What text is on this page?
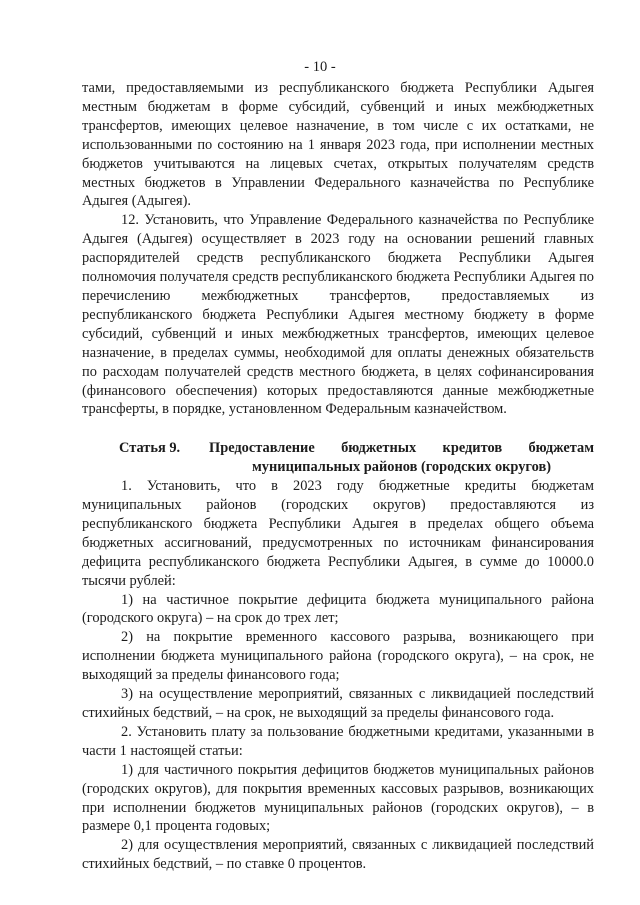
- 10 -

тами, предоставляемыми из республиканского бюджета Республики Адыгея местным бюджетам в форме субсидий, субвенций и иных межбюджетных трансфертов, имеющих целевое назначение, в том числе с их остатками, не использованными по состоянию на 1 января 2023 года, при исполнении местных бюджетов учитываются на лицевых счетах, открытых получателям средств местных бюджетов в Управлении Федерального казначейства по Республике Адыгея (Адыгея).

12. Установить, что Управление Федерального казначейства по Республике Адыгея (Адыгея) осуществляет в 2023 году на основании решений главных распорядителей средств республиканского бюджета Республики Адыгея полномочия получателя средств республиканского бюджета Республики Адыгея по перечислению межбюджетных трансфертов, предоставляемых из республиканского бюджета Республики Адыгея местному бюджету в форме субсидий, субвенций и иных межбюджетных трансфертов, имеющих целевое назначение, в пределах суммы, необходимой для оплаты денежных обязательств по расходам получателей средств местного бюджета, в целях софинансирования (финансового обеспечения) которых предоставляются данные межбюджетные трансферты, в порядке, установленном Федеральным казначейством.

Статья 9.	Предоставление бюджетных кредитов бюджетам муниципальных районов (городских округов)

1. Установить, что в 2023 году бюджетные кредиты бюджетам муниципальных районов (городских округов) предоставляются из республиканского бюджета Республики Адыгея в пределах общего объема бюджетных ассигнований, предусмотренных по источникам финансирования дефицита республиканского бюджета Республики Адыгея, в сумме до 10000.0 тысячи рублей:

1) на частичное покрытие дефицита бюджета муниципального района (городского округа) – на срок до трех лет;

2) на покрытие временного кассового разрыва, возникающего при исполнении бюджета муниципального района (городского округа), – на срок, не выходящий за пределы финансового года;

3) на осуществление мероприятий, связанных с ликвидацией последствий стихийных бедствий, – на срок, не выходящий за пределы финансового года.

2. Установить плату за пользование бюджетными кредитами, указанными в части 1 настоящей статьи:

1) для частичного покрытия дефицитов бюджетов муниципальных районов (городских округов), для покрытия временных кассовых разрывов, возникающих при исполнении бюджетов муниципальных районов (городских округов), – в размере 0,1 процента годовых;

2) для осуществления мероприятий, связанных с ликвидацией последствий стихийных бедствий, – по ставке 0 процентов.
